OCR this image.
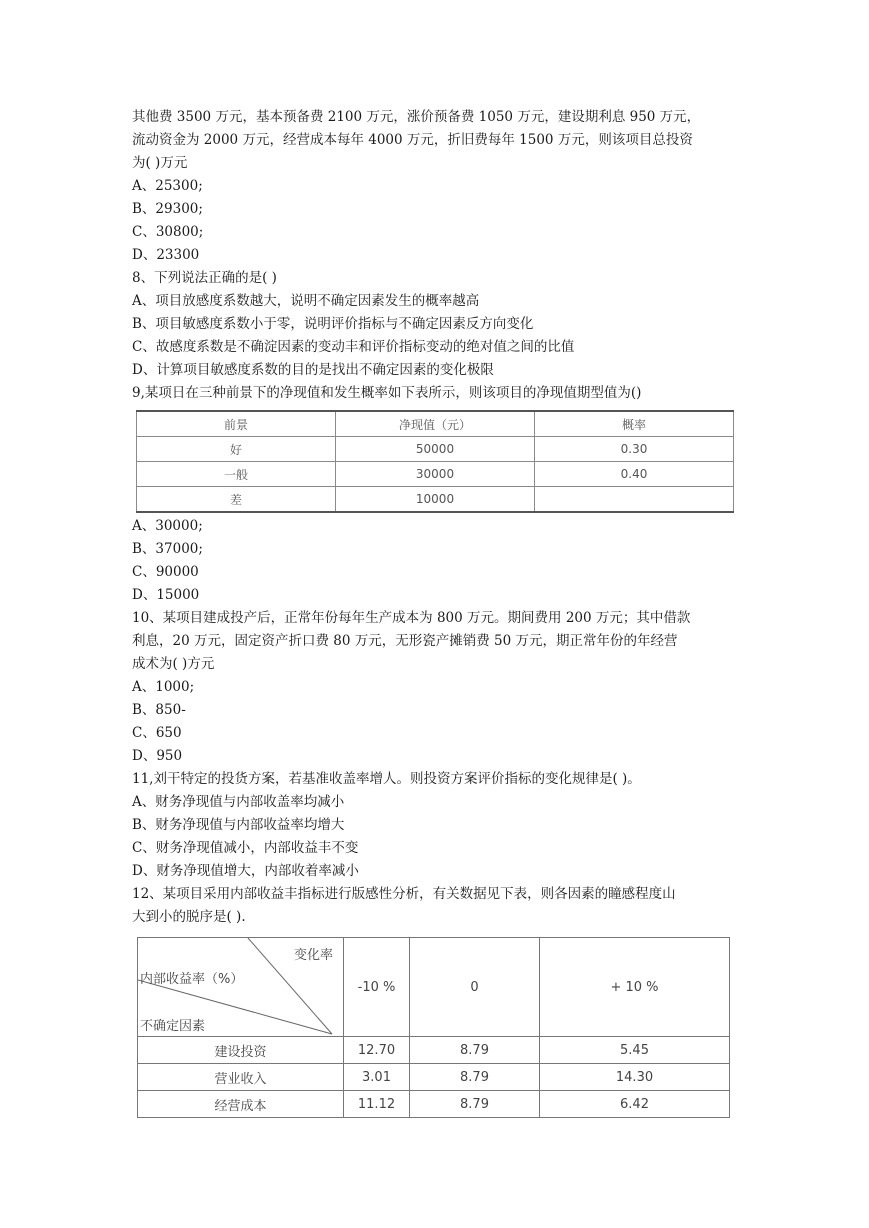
其他费 3500 万元，基本预备费 2100 万元，涨价预备费 1050 万元，建设期利息 950 万元，
流动资金为 2000 万元，经营成本每年 4000 万元，折旧费每年 1500 万元，则该项目总投资
为( )万元
A、25300;
B、29300;
C、30800;
D、23300
8、下列说法正确的是( )
A、项目放感度系数越大，说明不确定因素发生的概率越高
B、项目敏感度系数小于零，说明评价指标与不确定因素反方向变化
C、故感度系数是不确淀因素的变动丰和评价指标变动的绝对值之间的比值
D、计算项目敏感度系数的目的是找出不确定因素的变化极限
9,某项日在三种前景下的净现值和发生概率如下表所示，则该项目的净现值期型值为()
前景	净现值（元）	概率
好	50000	0.30
一般	30000	0.40
差	10000	
A、30000;
B、37000;
C、90000
D、15000
10、某项目建成投产后，正常年份每年生产成本为 800 万元。期间费用 200 万元；其中借款
利息，20 万元，固定资产折口费 80 万元，无形瓷产摊销费 50 万元，期正常年份的年经营
成术为( )方元
A、1000;
B、850-
C、650
D、950
11,刘干特定的投货方案，若基准收盖率增人。则投资方案评价指标的变化规律是( )。
A、财务净现值与内部收盖率均减小
B、财务净现值与内部收益率均增大
C、财务净现值减小，内部收益丰不变
D、财务净现值增大，内部收着率减小
12、某项目采用内部收益丰指标进行版感性分析，有关数据见下表，则各因素的瞳感程度山
大到小的脱序是( ).
变化率
内部收益率（%）
不确定因素	-10 %	0	+ 10 %
建设投资	12.70	8.79	5.45
营业收入	3.01	8.79	14.30
经营成本	11.12	8.79	6.42
